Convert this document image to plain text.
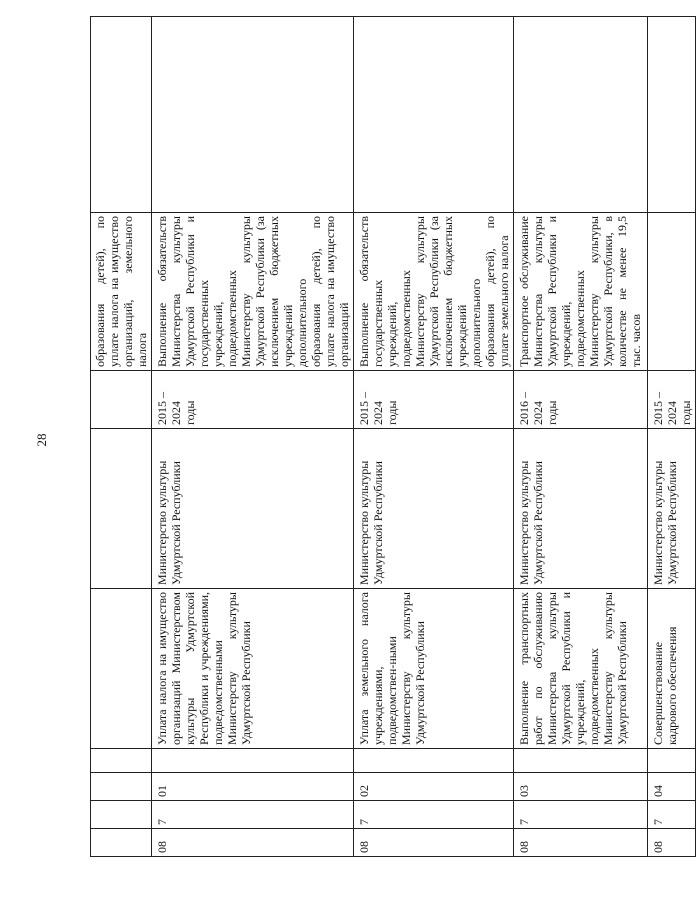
28
							образования детей), по уплате налога на имущество организаций, земельного налога	
08	7	01		Уплата налога на имущество организаций Министерством культуры Удмуртской Республики и учреждениями, подведомственными Министерству культуры Удмуртской Республики	Министерство культуры Удмуртской Республики	2015 – 2024 годы	Выполнение обязательств Министерства культуры Удмуртской Республики и государственных учреждений, подведомственных Министерству культуры Удмуртской Республики (за исключением бюджетных учреждений дополнительного образования детей), по уплате налога на имущество организаций	
08	7	02		Уплата земельного налога учреждениями, подведомствен-ными Министерству культуры Удмуртской Республики	Министерство культуры Удмуртской Республики	2015 – 2024 годы	Выполнение обязательств государственных учреждений, подведомственных Министерству культуры Удмуртской Республики (за исключением бюджетных учреждений дополнительного образования детей), по уплате земельного налога	
08	7	03		Выполнение транспортных работ по обслуживанию Министерства культуры Удмуртской Республики и учреждений, подведомственных Министерству культуры Удмуртской Республики	Министерство культуры Удмуртской Республики	2016 – 2024 годы	Транспортное обслуживание Министерства культуры Удмуртской Республики и учреждений, подведомственных Министерству культуры Удмуртской Республики, в количестве не менее 19,5 тыс. часов	
08	7	04		Совершенствование кадрового обеспечения	Министерство культуры Удмуртской Республики	2015 – 2024 годы		
